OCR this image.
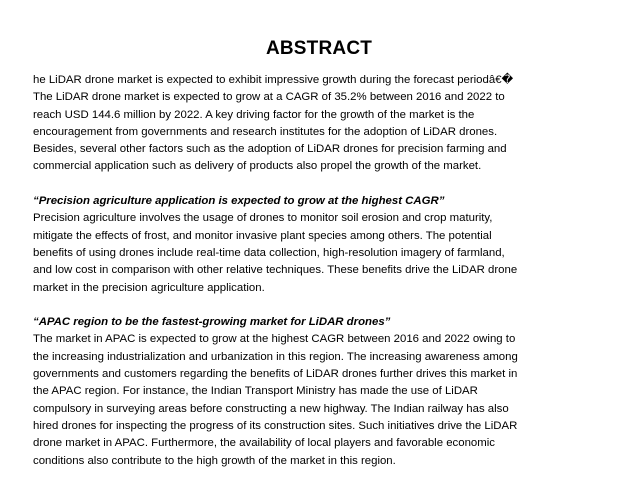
ABSTRACT
he LiDAR drone market is expected to exhibit impressive growth during the forecast periodâ€�
The LiDAR drone market is expected to grow at a CAGR of 35.2% between 2016 and 2022 to
reach USD 144.6 million by 2022. A key driving factor for the growth of the market is the
encouragement from governments and research institutes for the adoption of LiDAR drones.
Besides, several other factors such as the adoption of LiDAR drones for precision farming and
commercial application such as delivery of products also propel the growth of the market.
“Precision agriculture application is expected to grow at the highest CAGR”
Precision agriculture involves the usage of drones to monitor soil erosion and crop maturity,
mitigate the effects of frost, and monitor invasive plant species among others. The potential
benefits of using drones include real-time data collection, high-resolution imagery of farmland,
and low cost in comparison with other relative techniques. These benefits drive the LiDAR drone
market in the precision agriculture application.
“APAC region to be the fastest-growing market for LiDAR drones”
The market in APAC is expected to grow at the highest CAGR between 2016 and 2022 owing to
the increasing industrialization and urbanization in this region. The increasing awareness among
governments and customers regarding the benefits of LiDAR drones further drives this market in
the APAC region. For instance, the Indian Transport Ministry has made the use of LiDAR
compulsory in surveying areas before constructing a new highway. The Indian railway has also
hired drones for inspecting the progress of its construction sites. Such initiatives drive the LiDAR
drone market in APAC. Furthermore, the availability of local players and favorable economic
conditions also contribute to the high growth of the market in this region.
